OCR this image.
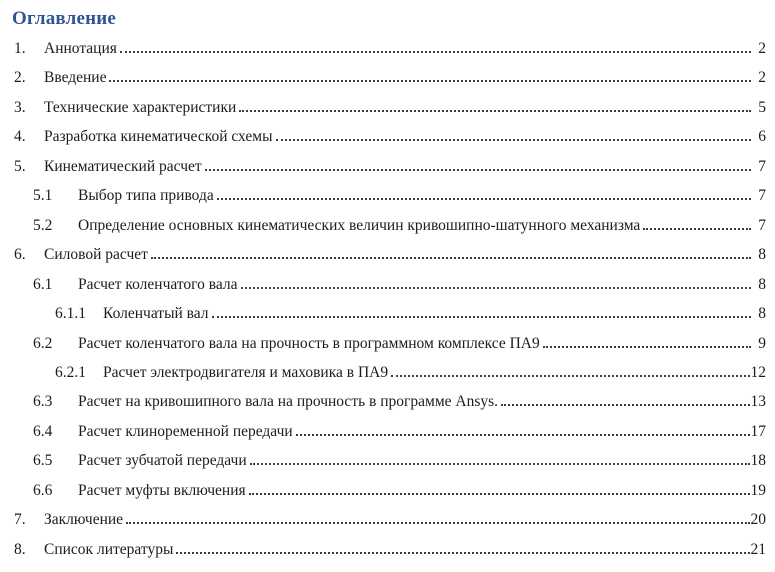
Оглавление
1.	Аннотация	2
2.	Введение	2
3.	Технические характеристики	5
4.	Разработка кинематической схемы	6
5.	Кинематический расчет	7
5.1	Выбор типа привода	7
5.2	Определение основных кинематических величин кривошипно-шатунного механизма	7
6.	Силовой расчет	8
6.1	Расчет коленчатого вала	8
6.1.1	Коленчатый вал	8
6.2	Расчет коленчатого вала на прочность в программном комплексе ПА9	9
6.2.1	Расчет электродвигателя и маховика в ПА9	12
6.3	Расчет на кривошипного вала на прочность в программе Ansys.	13
6.4	Расчет клиноременной передачи	17
6.5	Расчет зубчатой передачи	18
6.6	Расчет муфты включения	19
7.	Заключение	20
8.	Список литературы	21
